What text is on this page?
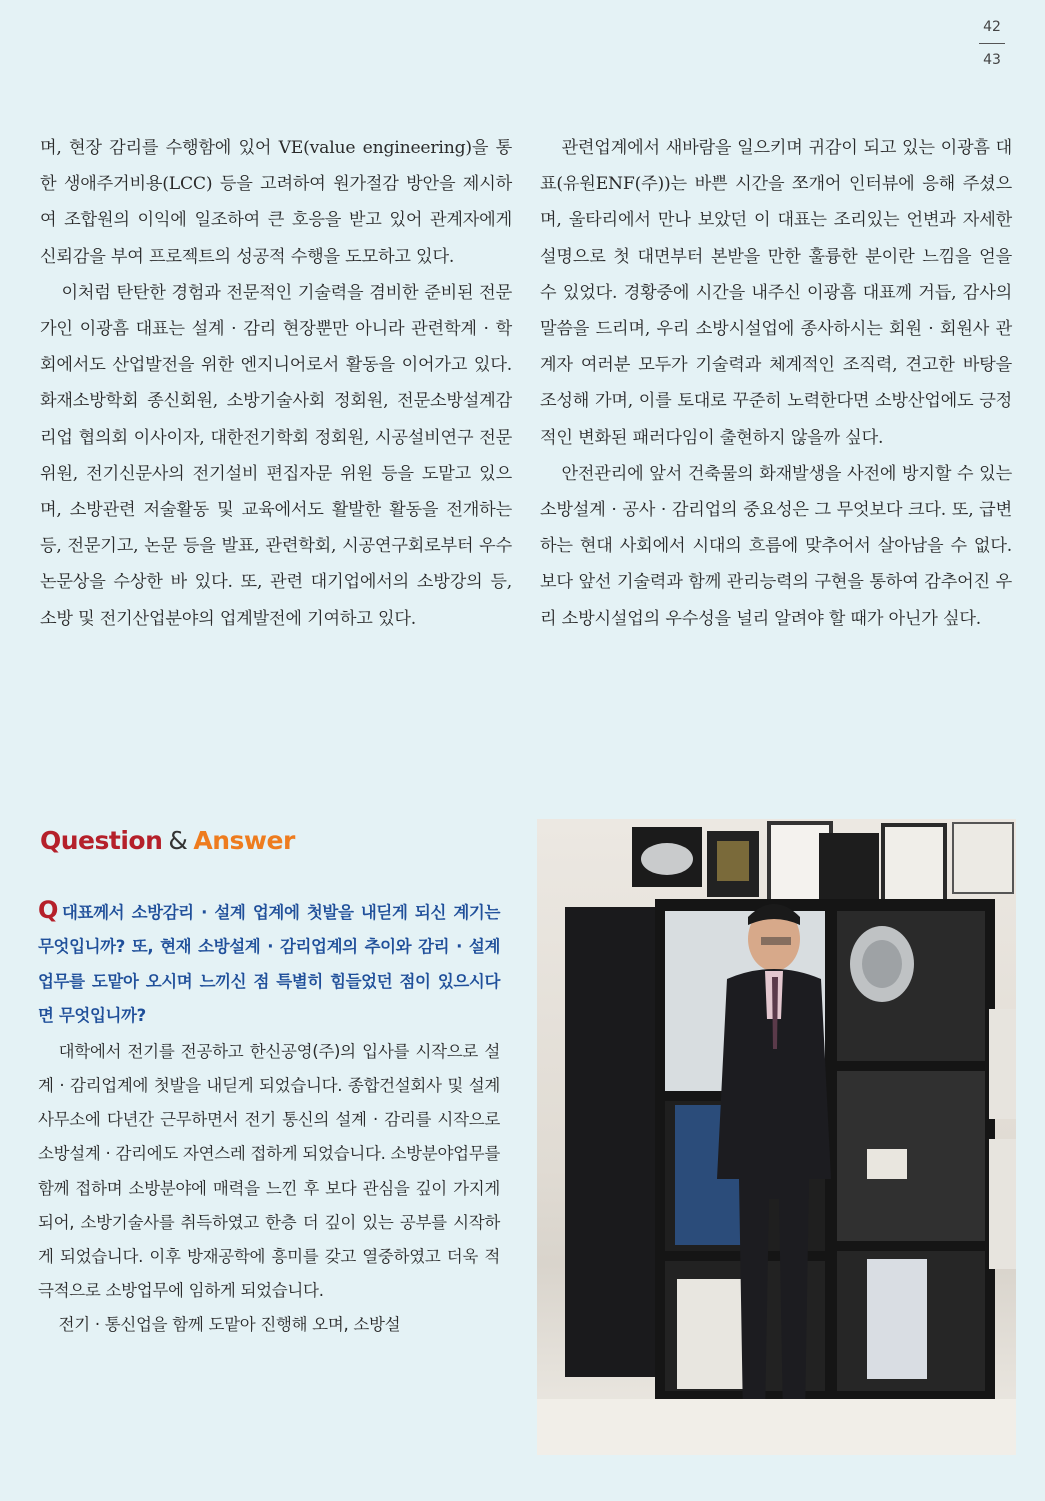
42
43

며, 현장 감리를 수행함에 있어 VE(value engineering)을 통한 생애주거비용(LCC) 등을 고려하여 원가절감 방안을 제시하여 조합원의 이익에 일조하여 큰 호응을 받고 있어 관계자에게 신뢰감을 부여 프로젝트의 성공적 수행을 도모하고 있다.

이처럼 탄탄한 경험과 전문적인 기술력을 겸비한 준비된 전문가인 이광흠 대표는 설계 · 감리 현장뿐만 아니라 관련학계 · 학회에서도 산업발전을 위한 엔지니어로서 활동을 이어가고 있다. 화재소방학회 종신회원, 소방기술사회 정회원, 전문소방설계감리업 협의회 이사이자, 대한전기학회 정회원, 시공설비연구 전문위원, 전기신문사의 전기설비 편집자문 위원 등을 도맡고 있으며, 소방관련 저술활동 및 교육에서도 활발한 활동을 전개하는 등, 전문기고, 논문 등을 발표, 관련학회, 시공연구회로부터 우수논문상을 수상한 바 있다. 또, 관련 대기업에서의 소방강의 등, 소방 및 전기산업분야의 업계발전에 기여하고 있다.

관련업계에서 새바람을 일으키며 귀감이 되고 있는 이광흠 대표(유원ENF(주))는 바쁜 시간을 쪼개어 인터뷰에 응해 주셨으며, 울타리에서 만나 보았던 이 대표는 조리있는 언변과 자세한 설명으로 첫 대면부터 본받을 만한 훌륭한 분이란 느낌을 얻을 수 있었다. 경황중에 시간을 내주신 이광흠 대표께 거듭, 감사의 말씀을 드리며, 우리 소방시설업에 종사하시는 회원 · 회원사 관계자 여러분 모두가 기술력과 체계적인 조직력, 견고한 바탕을 조성해 가며, 이를 토대로 꾸준히 노력한다면 소방산업에도 긍정적인 변화된 패러다임이 출현하지 않을까 싶다.

안전관리에 앞서 건축물의 화재발생을 사전에 방지할 수 있는 소방설계 · 공사 · 감리업의 중요성은 그 무엇보다 크다. 또, 급변하는 현대 사회에서 시대의 흐름에 맞추어서 살아남을 수 없다. 보다 앞선 기술력과 함께 관리능력의 구현을 통하여 감추어진 우리 소방시설업의 우수성을 널리 알려야 할 때가 아닌가 싶다.

Question & Answer
Q 대표께서 소방감리 · 설계 업계에 첫발을 내딛게 되신 계기는 무엇입니까? 또, 현재 소방설계 · 감리업계의 추이와 감리 · 설계업무를 도맡아 오시며 느끼신 점 특별히 힘들었던 점이 있으시다면 무엇입니까?

대학에서 전기를 전공하고 한신공영(주)의 입사를 시작으로 설계 · 감리업계에 첫발을 내딛게 되었습니다. 종합건설회사 및 설계사무소에 다년간 근무하면서 전기 통신의 설계 · 감리를 시작으로 소방설계 · 감리에도 자연스레 접하게 되었습니다. 소방분야업무를 함께 접하며 소방분야에 매력을 느낀 후 보다 관심을 깊이 가지게 되어, 소방기술사를 취득하였고 한층 더 깊이 있는 공부를 시작하게 되었습니다. 이후 방재공학에 흥미를 갖고 열중하였고 더욱 적극적으로 소방업무에 임하게 되었습니다.

전기 · 통신업을 함께 도맡아 진행해 오며, 소방설
